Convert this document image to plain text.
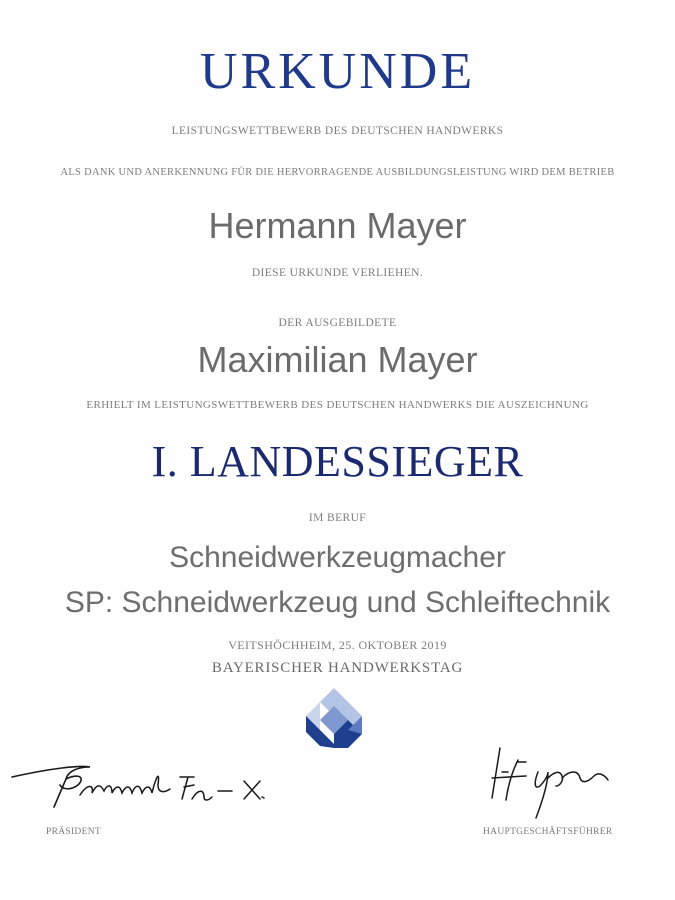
URKUNDE
LEISTUNGSWETTBEWERB DES DEUTSCHEN HANDWERKS
ALS DANK UND ANERKENNUNG FÜR DIE HERVORRAGENDE AUSBILDUNGSLEISTUNG WIRD DEM BETRIEB
Hermann Mayer
DIESE URKUNDE VERLIEHEN.
DER AUSGEBILDETE
Maximilian Mayer
ERHIELT IM LEISTUNGSWETTBEWERB DES DEUTSCHEN HANDWERKS DIE AUSZEICHNUNG
I. LANDESSIEGER
IM BERUF
Schneidwerkzeugmacher
SP: Schneidwerkzeug und Schleiftechnik
VEITSHÖCHHEIM, 25. OKTOBER 2019
BAYERISCHER HANDWERKSTAG
PRÄSIDENT	HAUPTGESCHÄFTSFÜHRER
